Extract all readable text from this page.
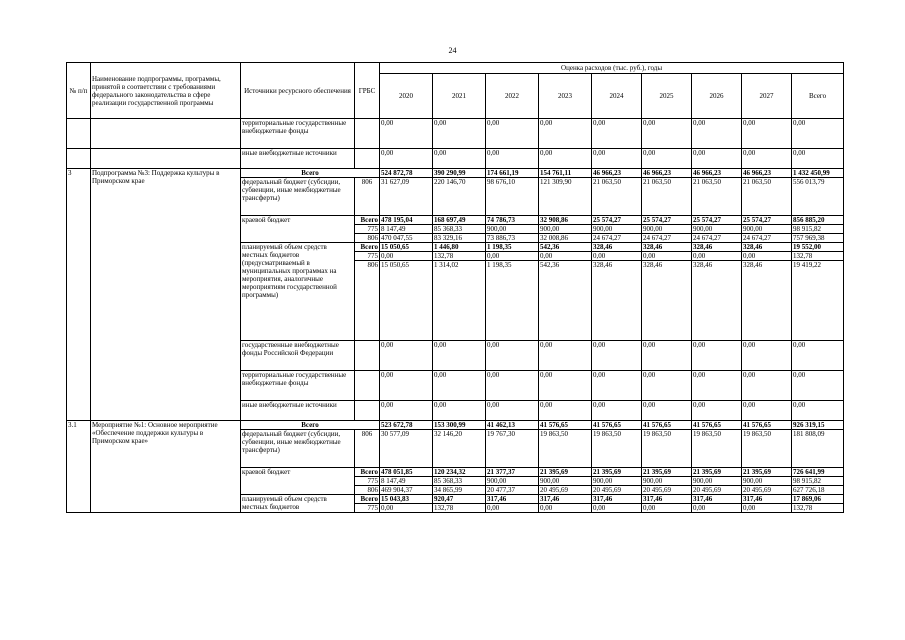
24
№ п/п	Наименование подпрограммы, программы, принятой в соответствии с требованиями федерального законодательства в сфере реализации государственной программы	Источники ресурсного обеспечения	ГРБС	Оценка расходов (тыс. руб.), годы								
				2020	2021	2022	2023	2024	2025	2026	2027	Всего
		территориальные государственные внебюджетные фонды		0,00	0,00	0,00	0,00	0,00	0,00	0,00	0,00	0,00
		иные внебюджетные источники		0,00	0,00	0,00	0,00	0,00	0,00	0,00	0,00	0,00
3	Подпрограмма №3: Поддержка культуры в Приморском крае	Всего		524 872,78	390 290,99	174 661,19	154 761,11	46 966,23	46 966,23	46 966,23	46 966,23	1 432 450,99
		федеральный бюджет (субсидии, субвенции, иные межбюджетные трансферты)	806	31 627,09	220 146,70	98 676,10	121 309,90	21 063,50	21 063,50	21 063,50	21 063,50	556 013,79
		краевой бюджет	Всего	478 195,04	168 697,49	74 786,73	32 908,86	25 574,27	25 574,27	25 574,27	25 574,27	856 885,20
			775	8 147,49	85 368,33	900,00	900,00	900,00	900,00	900,00	900,00	98 915,82
			806	470 047,55	83 329,16	73 886,73	32 008,86	24 674,27	24 674,27	24 674,27	24 674,27	757 969,38
		планируемый объем средств местных бюджетов (предусматриваемый в муниципальных программах на мероприятия, аналогичные мероприятиям государственной программы)	Всего	15 050,65	1 446,80	1 198,35	542,36	328,46	328,46	328,46	328,46	19 552,00
			775	0,00	132,78	0,00	0,00	0,00	0,00	0,00	0,00	132,78
			806	15 050,65	1 314,02	1 198,35	542,36	328,46	328,46	328,46	328,46	19 419,22
		государственные внебюджетные фонды Российской Федерации		0,00	0,00	0,00	0,00	0,00	0,00	0,00	0,00	0,00
		территориальные государственные внебюджетные фонды		0,00	0,00	0,00	0,00	0,00	0,00	0,00	0,00	0,00
		иные внебюджетные источники		0,00	0,00	0,00	0,00	0,00	0,00	0,00	0,00	0,00
3.1	Мероприятие №1: Основное мероприятие «Обеспечение поддержки культуры в Приморском крае»	Всего		523 672,78	153 300,99	41 462,13	41 576,65	41 576,65	41 576,65	41 576,65	41 576,65	926 319,15
		федеральный бюджет (субсидии, субвенции, иные межбюджетные трансферты)	806	30 577,09	32 146,20	19 767,30	19 863,50	19 863,50	19 863,50	19 863,50	19 863,50	181 808,09
		краевой бюджет	Всего	478 051,85	120 234,32	21 377,37	21 395,69	21 395,69	21 395,69	21 395,69	21 395,69	726 641,99
			775	8 147,49	85 368,33	900,00	900,00	900,00	900,00	900,00	900,00	98 915,82
			806	469 904,37	34 865,99	20 477,37	20 495,69	20 495,69	20 495,69	20 495,69	20 495,69	627 726,18
		планируемый объем средств местных бюджетов	Всего	15 043,83	920,47	317,46	317,46	317,46	317,46	317,46	317,46	17 869,06
			775	0,00	132,78	0,00	0,00	0,00	0,00	0,00	0,00	132,78
